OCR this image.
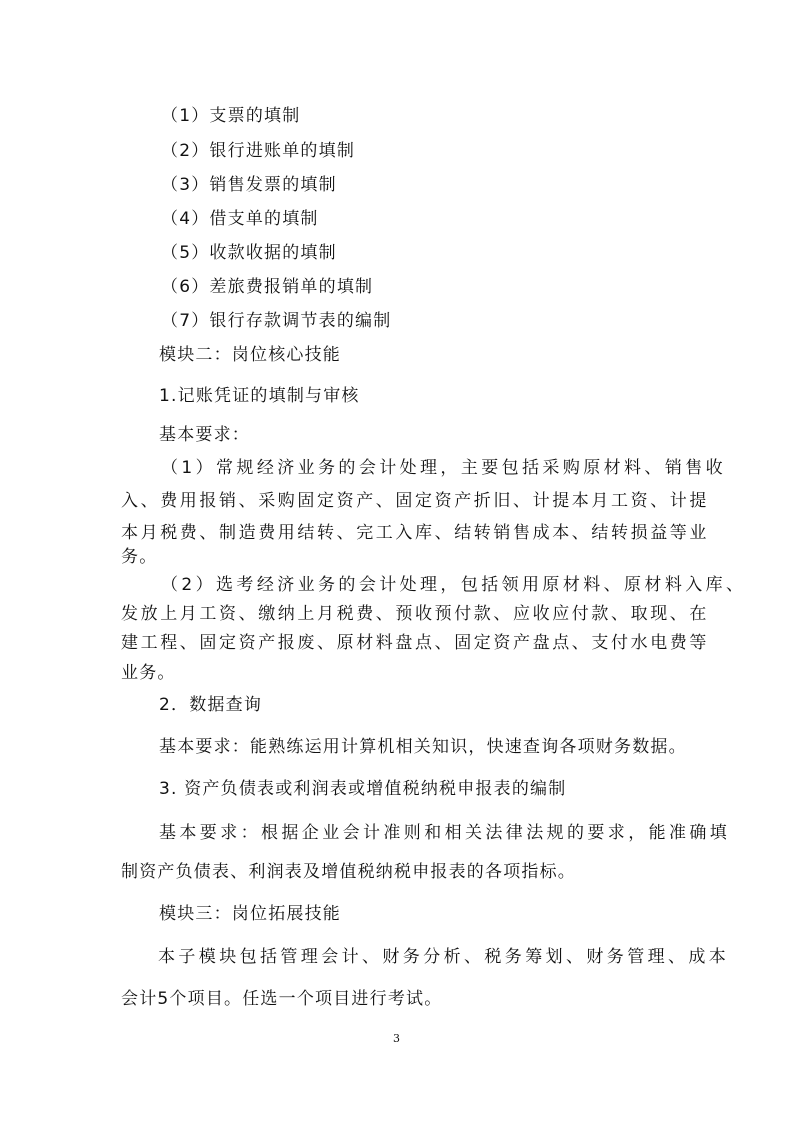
（1）支票的填制
（2）银行进账单的填制
（3）销售发票的填制
（4）借支单的填制
（5）收款收据的填制
（6）差旅费报销单的填制
（7）银行存款调节表的编制
模块二：岗位核心技能
1.记账凭证的填制与审核
基本要求：
（1）常规经济业务的会计处理，主要包括采购原材料、销售收
入、费用报销、采购固定资产、固定资产折旧、计提本月工资、计提
本月税费、制造费用结转、完工入库、结转销售成本、结转损益等业
务。
（2）选考经济业务的会计处理，包括领用原材料、原材料入库、
发放上月工资、缴纳上月税费、预收预付款、应收应付款、取现、在
建工程、固定资产报废、原材料盘点、固定资产盘点、支付水电费等
业务。
2．数据查询
基本要求：能熟练运用计算机相关知识，快速查询各项财务数据。
3. 资产负债表或利润表或增值税纳税申报表的编制
基本要求：根据企业会计准则和相关法律法规的要求，能准确填
制资产负债表、利润表及增值税纳税申报表的各项指标。
模块三：岗位拓展技能
本子模块包括管理会计、财务分析、税务筹划、财务管理、成本
会计5个项目。任选一个项目进行考试。
3
